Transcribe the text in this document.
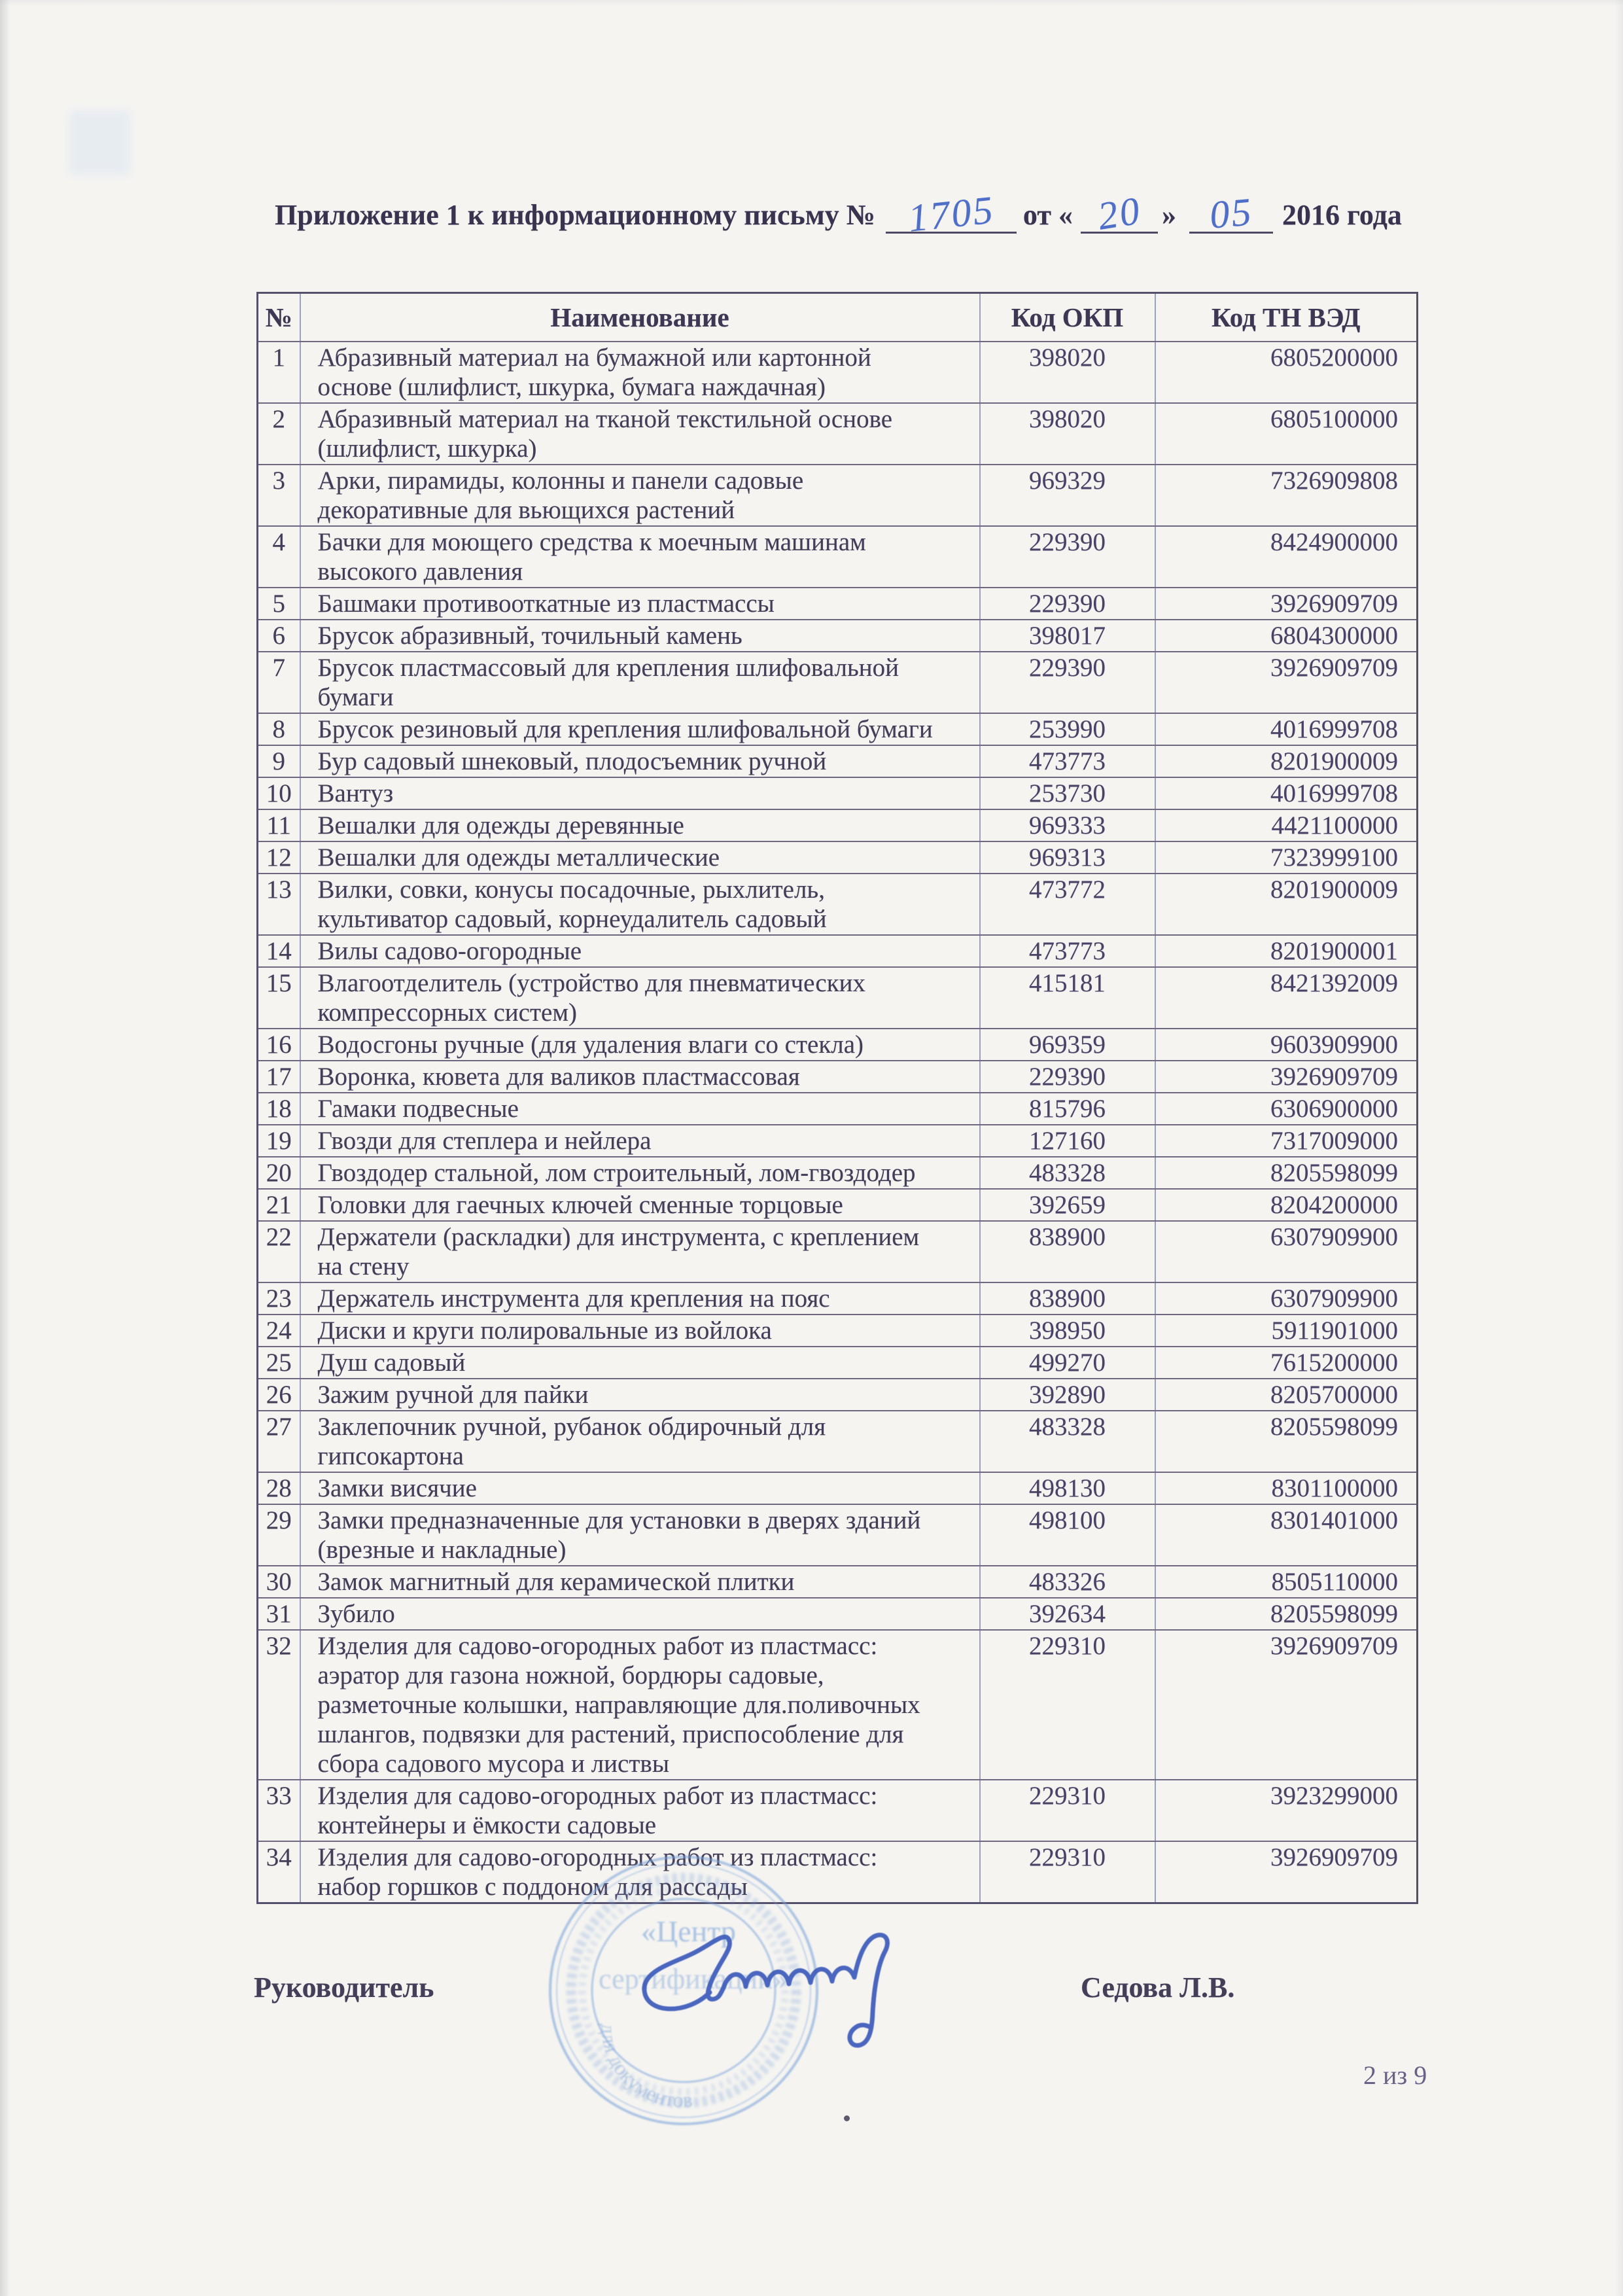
Приложение 1 к информационному письму № 1705 от « 20 » 05 2016 года
№	Наименование	Код ОКП	Код ТН ВЭД
1	Абразивный материал на бумажной или картонной
основе (шлифлист, шкурка, бумага наждачная)	398020	6805200000
2	Абразивный материал на тканой текстильной основе
(шлифлист, шкурка)	398020	6805100000
3	Арки, пирамиды, колонны и панели садовые
декоративные для вьющихся растений	969329	7326909808
4	Бачки для моющего средства к моечным машинам
высокого давления	229390	8424900000
5	Башмаки противооткатные из пластмассы	229390	3926909709
6	Брусок абразивный, точильный камень	398017	6804300000
7	Брусок пластмассовый для крепления шлифовальной
бумаги	229390	3926909709
8	Брусок резиновый для крепления шлифовальной бумаги	253990	4016999708
9	Бур садовый шнековый, плодосъемник ручной	473773	8201900009
10	Вантуз	253730	4016999708
11	Вешалки для одежды деревянные	969333	4421100000
12	Вешалки для одежды металлические	969313	7323999100
13	Вилки, совки, конусы посадочные, рыхлитель,
культиватор садовый, корнеудалитель садовый	473772	8201900009
14	Вилы садово-огородные	473773	8201900001
15	Влагоотделитель (устройство для пневматических
компрессорных систем)	415181	8421392009
16	Водосгоны ручные (для удаления влаги со стекла)	969359	9603909900
17	Воронка, кювета для валиков пластмассовая	229390	3926909709
18	Гамаки подвесные	815796	6306900000
19	Гвозди для степлера и нейлера	127160	7317009000
20	Гвоздодер стальной, лом строительный, лом-гвоздодер	483328	8205598099
21	Головки для гаечных ключей сменные торцовые	392659	8204200000
22	Держатели (раскладки) для инструмента, с креплением
на стену	838900	6307909900
23	Держатель инструмента для крепления на пояс	838900	6307909900
24	Диски и круги полировальные из войлока	398950	5911901000
25	Душ садовый	499270	7615200000
26	Зажим ручной для пайки	392890	8205700000
27	Заклепочник ручной, рубанок обдирочный для
гипсокартона	483328	8205598099
28	Замки висячие	498130	8301100000
29	Замки предназначенные для установки в дверях зданий
(врезные и накладные)	498100	8301401000
30	Замок магнитный для керамической плитки	483326	8505110000
31	Зубило	392634	8205598099
32	Изделия для садово-огородных работ из пластмасс:
аэратор для газона ножной, бордюры садовые,
разметочные колышки, направляющие для.поливочных
шлангов, подвязки для растений, приспособление для
сбора садового мусора и листвы	229310	3926909709
33	Изделия для садово-огородных работ из пластмасс:
контейнеры и ёмкости садовые	229310	3923299000
34	Изделия для садово-огородных работ из пластмасс:
набор горшков с поддоном для рассады	229310	3926909709
«Центр
сертификации»
для документов
Руководитель	Седова Л.В.
2 из 9
